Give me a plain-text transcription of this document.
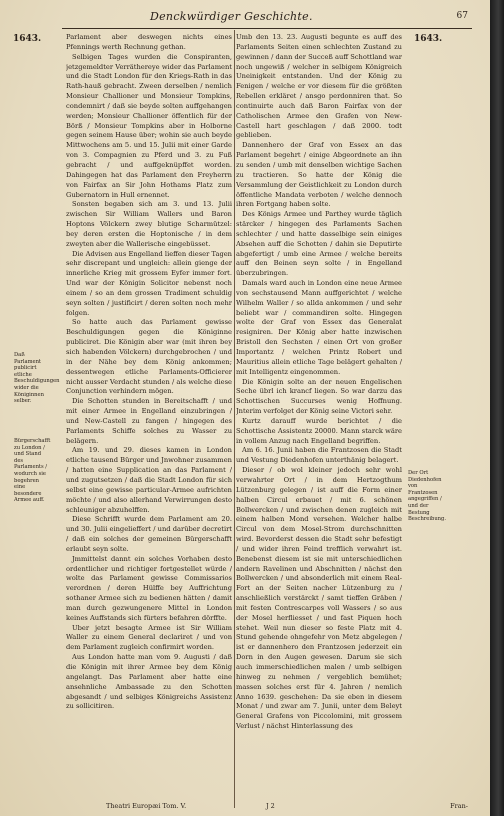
Denckwürdiger Geschichte.	67
1643.	1643.

Parlament aber deswegen nichts eines Pfennings werth Rechnung gethan.

Selbigen Tages wurden die Conspiranten, jetzgemeldter Verräthereye wider das Parlament und die Stadt London für den Kriegs-Rath in das Rath-hauß gebracht. Zween derselben / nemlich Monsieur Challioner und Monsieur Tompkins, condemnirt / daß sie beyde solten auffgehangen werden; Monsieur Challioner öffentlich für der Börß / Monsieur Tompkins aber in Holborne gegen seinem Hause über; wohin sie auch beyde Mittwochens am 5. und 15. Julii mit einer Garde von 3. Compagnien zu Pferd und 3. zu Fuß gebracht / und auffgeknüpffet worden. Dahingegen hat das Parlament den Freyherrn von Fairfax an Sir John Hothams Platz zum Gubernatorn in Hull ernennet.

Sonsten begaben sich am 3. und 13. Julii zwischen Sir William Wallers und Baron Hoptons Völckern zwey blutige Scharmützel: bey deren ersten die Hoptonische / in dem zweyten aber die Wallerische eingebüsset.

Die Advisen aus Engelland lieffen dieser Tagen sehr discrepant und ungleich: allein gienge der innerliche Krieg mit grossem Eyfer immer fort. Und war der Königin Solicitor nebenst noch einem / so an dem grossen Tradiment schuldig seyn solten / justificirt / deren solten noch mehr folgen.

So hatte auch das Parlament gewisse Beschuldigungen gegen die Königinne publiciret. Die Königin aber war (mit ihren bey sich habenden Völckern) durchgebrochen / und in der Nähe bey dem König ankommen; dessentwegen etliche Parlaments-Officierer nicht ausser Verdacht stunden / als welche diese Conjunction verhindern mögen.

Die Schotten stunden in Bereitschafft / und mit einer Armee in Engelland einzubringen / und New-Castell zu fangen / hingegen des Parlaments Schiffe solches zu Wasser zu belägern.

Am 19. und 29. dieses kamen in London etliche tausend Bürger und Jnwohner zusammen / hatten eine Supplication an das Parlament / und zugutsetzen / daß die Stadt London für sich selbst eine gewisse particular-Armee aufrichten möchte / und also allerhand Verwirrungen desto schleuniger abzuhelffen.

Diese Schrifft wurde dem Parlament am 20. und 30. Julii eingelieffert / und darüber decretirt / daß ein solches der gemeinen Bürgerschafft erlaubt seyn solte.

Jmmittelst dannt ein solches Vorhaben desto ordentlicher und richtiger fortgestellet würde / wolte das Parlament gewisse Commissarios verordnen / deren Hülffe bey Auffrichtung sothaner Armee sich zu bedienen hätten / damit man durch gezwungenere Mittel in London keines Auffstands sich fürters befahren dörffte.

Uber jetzt besagte Armee ist Sir William Waller zu einem General declariret / und von dem Parlament zugleich confirmirt worden.

Aus London hatte man vom 9. Augusti / daß die Königin mit ihrer Armee bey dem König angelangt. Das Parlament aber hatte eine ansehnliche Ambassade zu den Schotten abgesandt / und selbiges Königreichs Assistenz zu sollicitiren.

Umb den 13. 23. Augusti begunte es auff des Parlaments Seiten einen schlechten Zustand zu gewinnen / dann der Succeß auff Schottland war noch ungewiß / welcher in selbigem Königreich Uneinigkeit entstanden. Und der König zu Fenigen / welche er vor diesem für die größten Rebellen erkläret / ansgo perdonniren that. So continuirte auch daß Baron Fairfax von der Catholischen Armee den Grafen von New-Castell hart geschlagen / daß 2000. todt geblieben.

Dannenhero der Graf von Essex an das Parlament begehrt / einige Abgeordnete an ihn zu senden / umb mit denselben wichtige Sachen zu tractieren. So hatte der König die Versammlung der Geistlichkeit zu London durch öffentliche Mandata verboten / welche dennoch ihren Fortgang haben solte.

Des Königs Armee und Parthey wurde täglich stärcker / hingegen des Parlaments Sachen schlechter / und hatte dasselbige sein einiges Absehen auff die Schotten / dahin sie Deputirte abgefertigt / umb eine Armee / welche bereits auff den Beinen seyn solte / in Engelland überzubringen.

Damals ward auch in London eine neue Armee von sechstausend Mann auffgerichtet / welche Wilhelm Waller / so allda ankommen / und sehr beliebt war / commandiren solte. Hingegen wolte der Graf von Essex das Generalat resigniren. Der König aber hatte inzwischen Bristoll den Sechsten / einen Ort von großer Importantz / welchen Printz Robert und Mauritius allein etliche Tage belägert gehalten / mit Intelligentz eingenommen.

Die Königin solte an der neuen Engelischen Seche übrl ich krancf liegen. So war darzu das Schottischen Succurses wenig Hoffnung. Jnterim verfolget der König seine Victori sehr.

Kurtz darauff wurde berichtet / die Schottische Assistentz 20000. Mann starck wäre in vollem Anzug nach Engelland begriffen.

Am 6. 16. Junii haben die Frantzosen die Stadt und Vestung Diedenhofen unterthänig belagert.

Dieser / ob wol kleiner jedoch sehr wohl verwahrter Ort / in dem Hertzogthum Lützenburg gelegen / ist auff die Form einer halben Circul erbauet / mit 6. schönen Bollwercken / und zwischen denen zugleich mit einem halben Mond versehen. Welcher halbe Circul von dem Mosel-Strom durchschnitten wird. Bevorderst dessen die Stadt sehr befestigt / und wider ihren Feind trefflich verwahrt ist. Benebenst diesem ist sie mit unterschiedlichen andern Ravelinen und Abschnitten / nächst den Bollwercken / und absonderlich mit einem Real-Fort an der Seiten nacher Lützenburg zu / anschließlich verstärckt / samt tieffen Gräben / mit festen Contrescarpes voll Wassers / so aus der Mosel herfliesset / und fast Piquen hoch stehet. Weil nun dieser so feste Platz mit 4. Stund gehende ohngefehr von Metz abgelegen / ist er dannenhero den Frantzosen jederzeit ein Dorn in den Augen gewesen. Darum sie sich auch immerschiedlichen malen / umb selbigen hinweg zu nehmen / vergeblich bemühet; massen solches erst für 4. Jahren / nemlich Anno 1639. geschehen: Da sie eben in diesem Monat / und zwar am 7. Junii, unter dem Beleyt General Grafens von Piccolomini, mit grossem Verlust / nächst Hinterlassung des

Daß Parlament publicirt etliche Beschuldigungen wider die Königinnen selber.
Bürgerschafft zu London / und Stand des Parlaments / wodurch sie begehren eine besondere Armee auff.
Der Ort Diedenhofen von Frantzosen angegriffen / und der Bestung Beschreibung.
Theatri Europæi Tom. V.	J 2	Fran-
